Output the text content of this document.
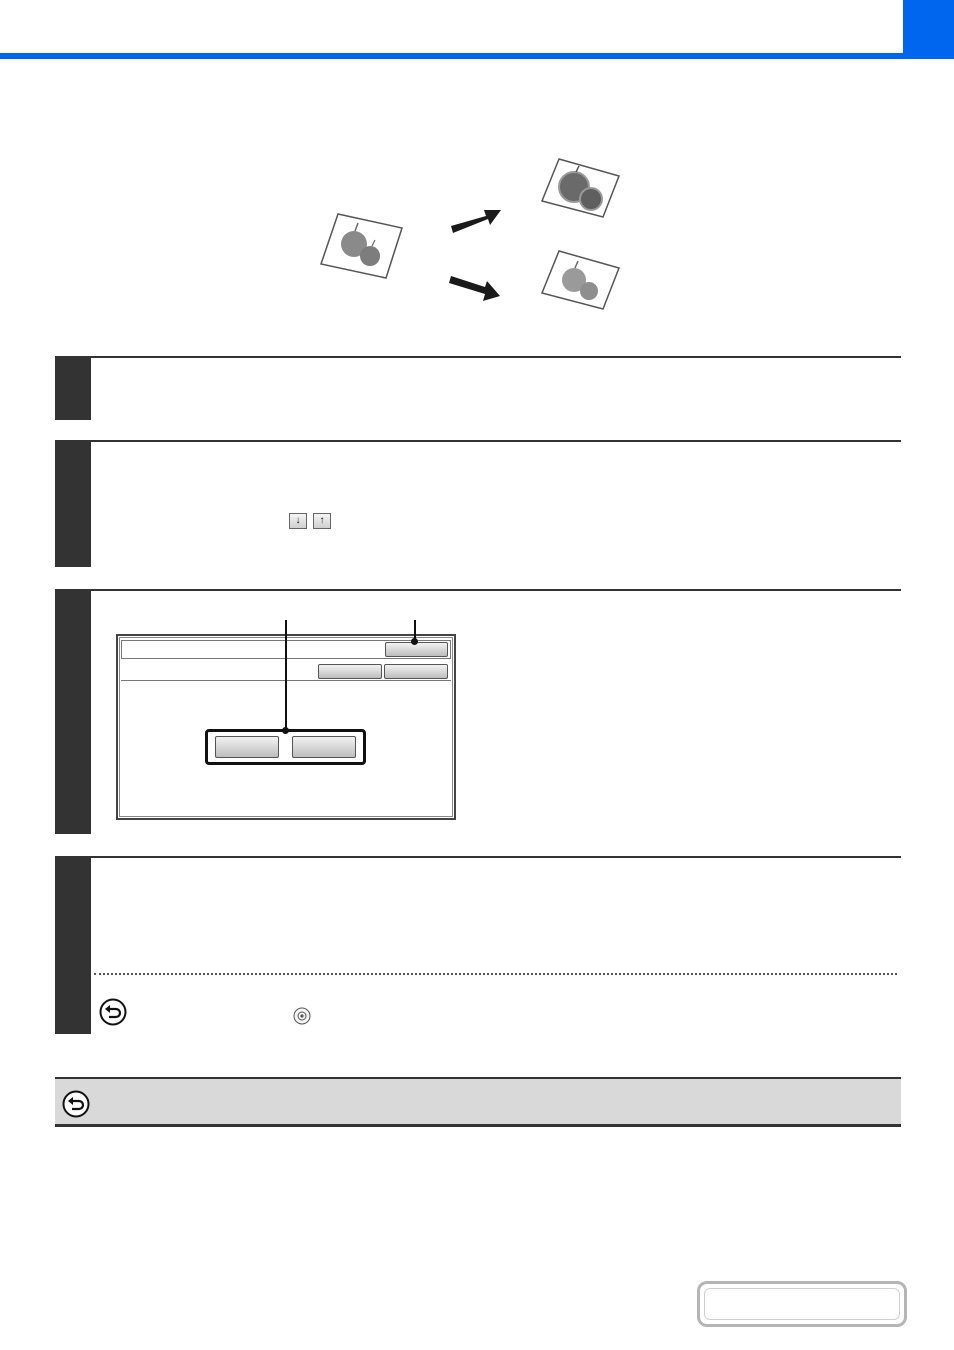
↓	↑
